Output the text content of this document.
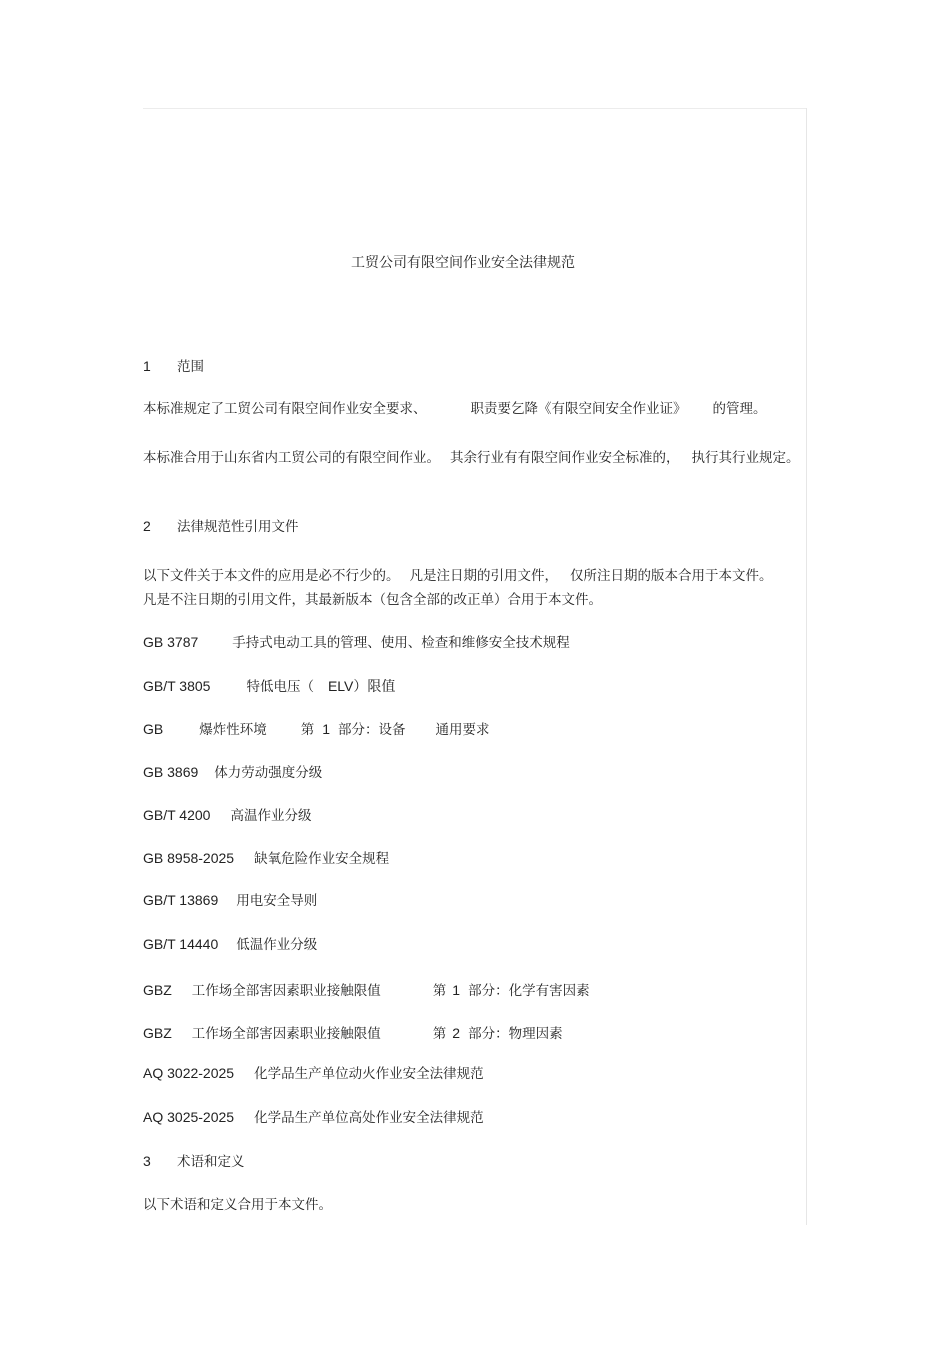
工贸公司有限空间作业安全法律规范
1 范围
本标准规定了工贸公司有限空间作业安全要求、	职责要乞降《有限空间安全作业证》 的管理。
本标准合用于山东省内工贸公司的有限空间作业。 其余行业有有限空间作业安全标准的， 执行其行业规定。
2 法律规范性引用文件
以下文件关于本文件的应用是必不行少的。 凡是注日期的引用文件， 仅所注日期的版本合用于本文件。凡是不注日期的引用文件，其最新版本（包含全部的改正单）合用于本文件。
GB 3787	手持式电动工具的管理、使用、检查和维修安全技术规程
GB/T 3805	特低电压（ ELV）限值
GB	爆炸性环境	第 1 部分：设备 通用要求
GB 3869 体力劳动强度分级
GB/T 4200 高温作业分级
GB 8958-2025 缺氧危险作业安全规程
GB/T 13869 用电安全导则
GB/T 14440 低温作业分级
GBZ 工作场全部害因素职业接触限值	第 1 部分：化学有害因素
GBZ 工作场全部害因素职业接触限值	第 2 部分：物理因素
AQ 3022-2025 化学品生产单位动火作业安全法律规范
AQ 3025-2025 化学品生产单位高处作业安全法律规范
3 术语和定义
以下术语和定义合用于本文件。
